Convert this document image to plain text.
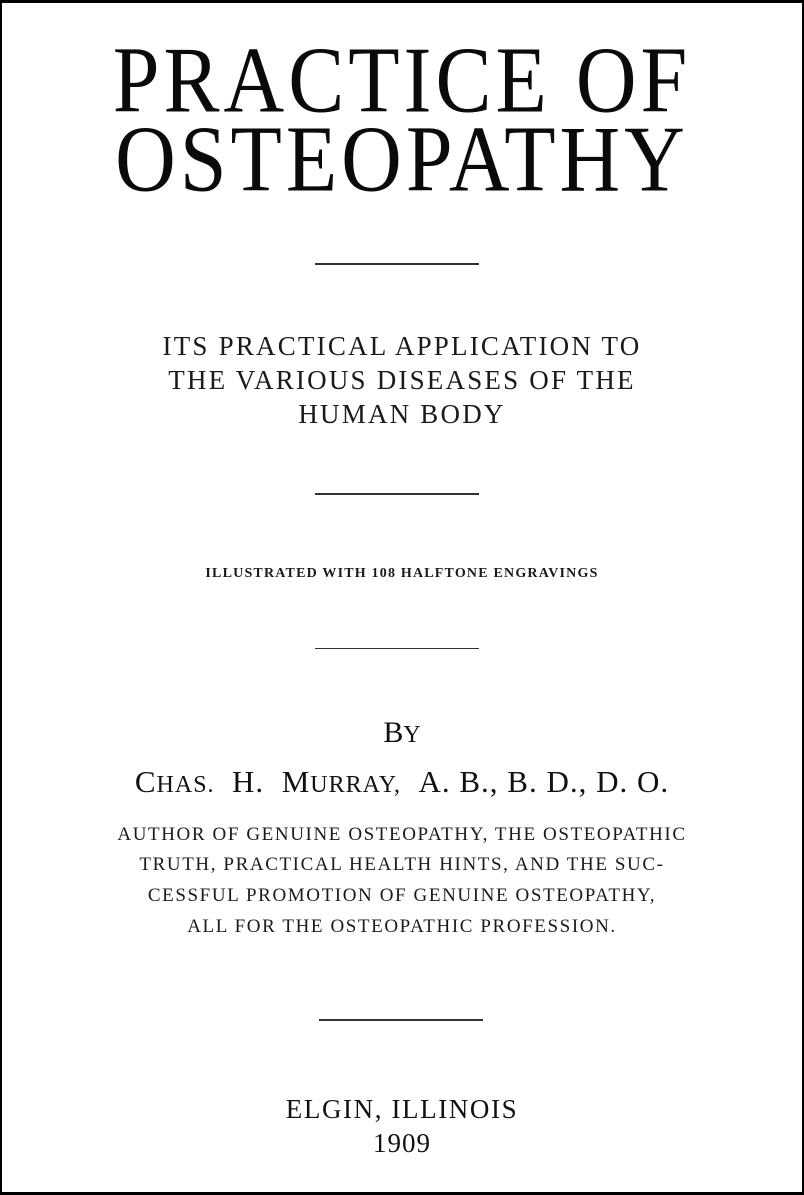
PRACTICE OF
OSTEOPATHY
ITS PRACTICAL APPLICATION TO
THE VARIOUS DISEASES OF THE
HUMAN BODY
ILLUSTRATED WITH 108 HALFTONE ENGRAVINGS
BY
CHAS. H. MURRAY, A. B., B. D., D. O.
AUTHOR OF GENUINE OSTEOPATHY, THE OSTEOPATHIC
TRUTH, PRACTICAL HEALTH HINTS, AND THE SUC-
CESSFUL PROMOTION OF GENUINE OSTEOPATHY,
ALL FOR THE OSTEOPATHIC PROFESSION.
ELGIN, ILLINOIS
1909
